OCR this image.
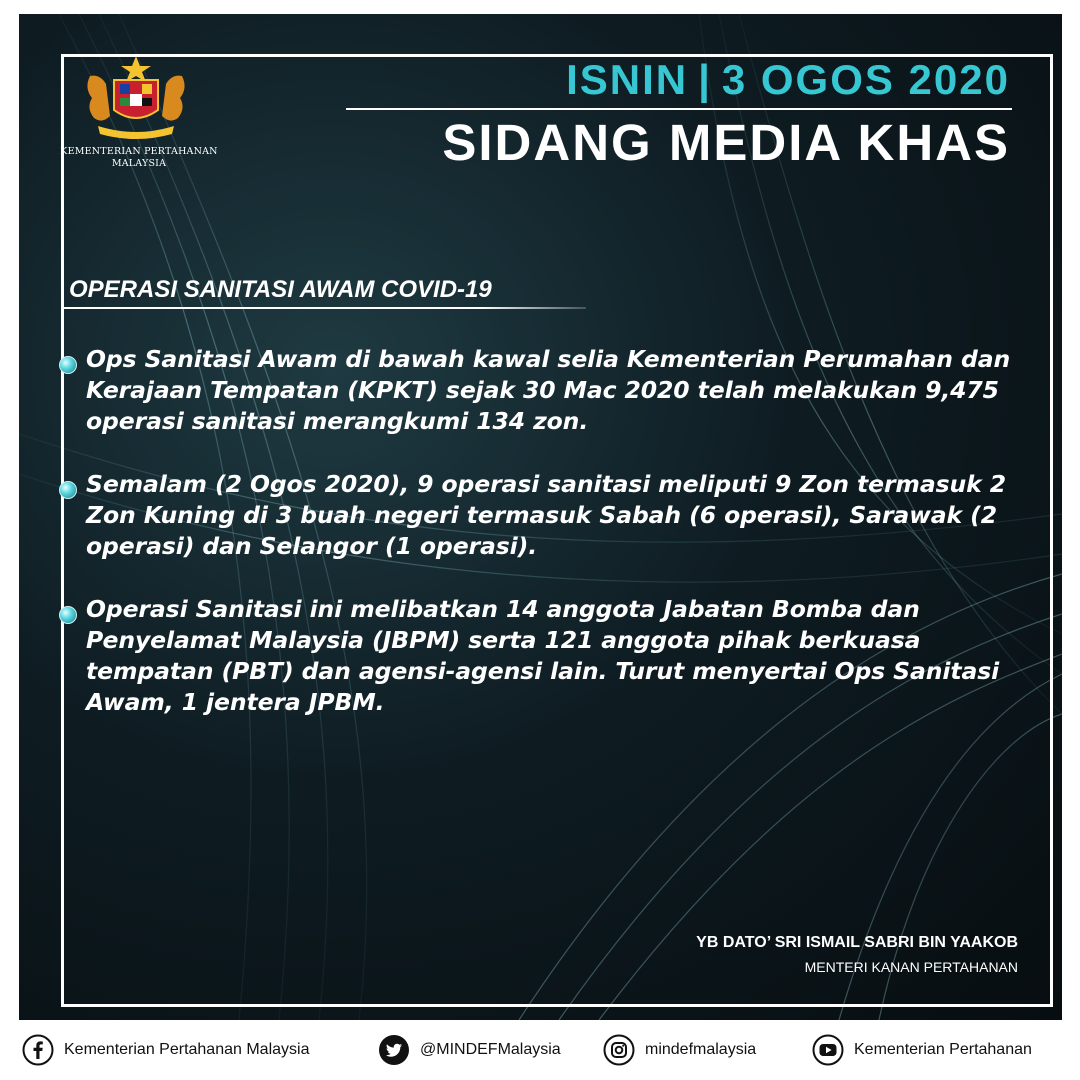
KEMENTERIAN PERTAHANAN
MALAYSIA
ISNIN | 3 OGOS 2020
SIDANG MEDIA KHAS
OPERASI SANITASI AWAM COVID-19
Ops Sanitasi Awam di bawah kawal selia Kementerian Perumahan dan Kerajaan Tempatan (KPKT) sejak 30 Mac 2020 telah melakukan 9,475 operasi sanitasi merangkumi 134 zon.
Semalam (2 Ogos 2020), 9 operasi sanitasi meliputi 9 Zon termasuk 2 Zon Kuning di 3 buah negeri termasuk Sabah (6 operasi), Sarawak (2 operasi) dan Selangor (1 operasi).
Operasi Sanitasi ini melibatkan 14 anggota Jabatan Bomba dan Penyelamat Malaysia (JBPM) serta 121 anggota pihak berkuasa tempatan (PBT) dan agensi-agensi lain. Turut menyertai Ops Sanitasi Awam, 1 jentera JPBM.
YB DATO’ SRI ISMAIL SABRI BIN YAAKOB
MENTERI KANAN PERTAHANAN
Kementerian Pertahanan Malaysia	@MINDEFMalaysia	mindefmalaysia	Kementerian Pertahanan
